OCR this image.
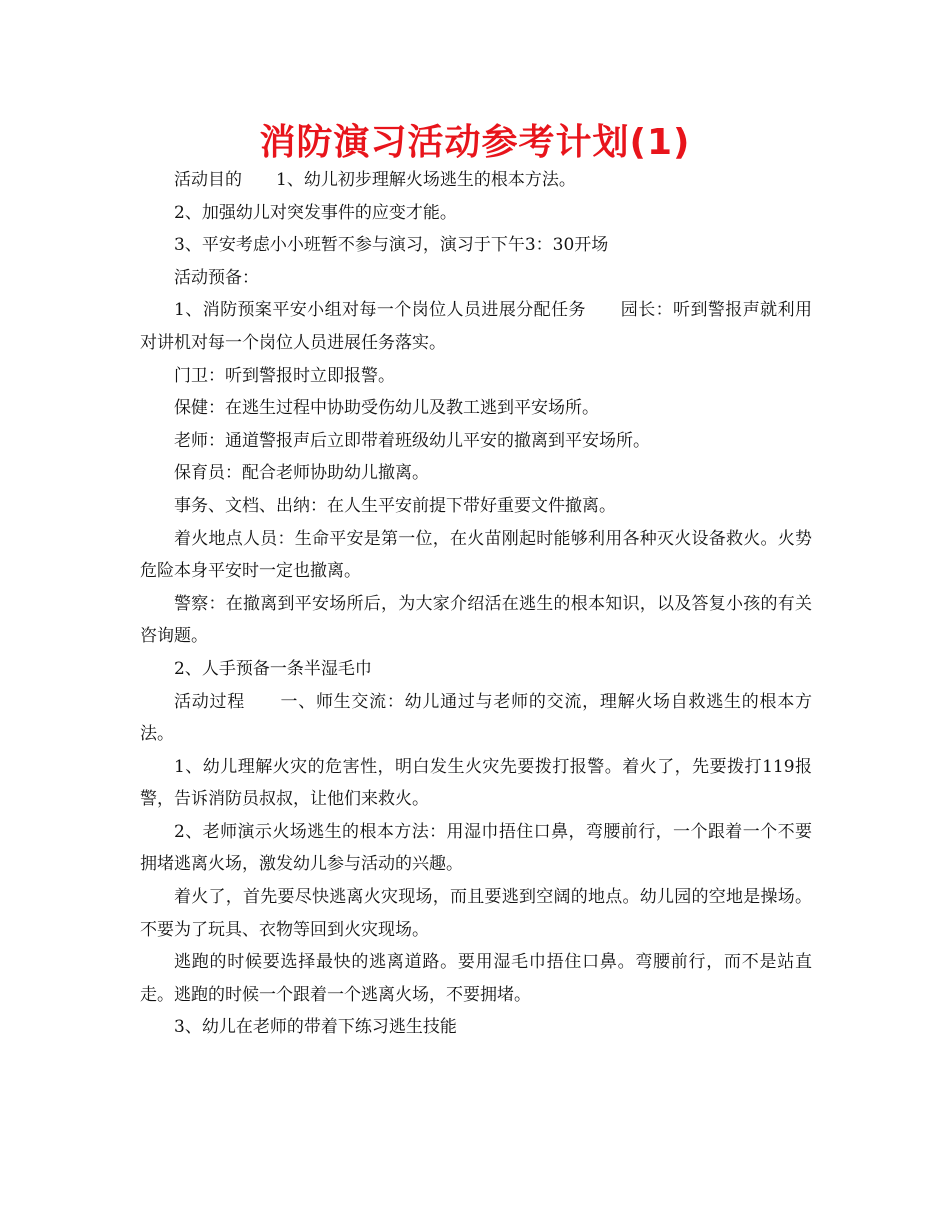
消防演习活动参考计划(1)

活动目的　　1、幼儿初步理解火场逃生的根本方法。

2、加强幼儿对突发事件的应变才能。

3、平安考虑小小班暂不参与演习，演习于下午3：30开场

活动预备：

1、消防预案平安小组对每一个岗位人员进展分配任务　　园长：听到警报声就利用对讲机对每一个岗位人员进展任务落实。

门卫：听到警报时立即报警。

保健：在逃生过程中协助受伤幼儿及教工逃到平安场所。

老师：通道警报声后立即带着班级幼儿平安的撤离到平安场所。

保育员：配合老师协助幼儿撤离。

事务、文档、出纳：在人生平安前提下带好重要文件撤离。

着火地点人员：生命平安是第一位，在火苗刚起时能够利用各种灭火设备救火。火势危险本身平安时一定也撤离。

警察：在撤离到平安场所后，为大家介绍活在逃生的根本知识，以及答复小孩的有关咨询题。

2、人手预备一条半湿毛巾

活动过程　　一、师生交流：幼儿通过与老师的交流，理解火场自救逃生的根本方法。

1、幼儿理解火灾的危害性，明白发生火灾先要拨打报警。着火了，先要拨打119报警，告诉消防员叔叔，让他们来救火。

2、老师演示火场逃生的根本方法：用湿巾捂住口鼻，弯腰前行，一个跟着一个不要拥堵逃离火场，激发幼儿参与活动的兴趣。

着火了，首先要尽快逃离火灾现场，而且要逃到空阔的地点。幼儿园的空地是操场。不要为了玩具、衣物等回到火灾现场。

逃跑的时候要选择最快的逃离道路。要用湿毛巾捂住口鼻。弯腰前行，而不是站直走。逃跑的时候一个跟着一个逃离火场，不要拥堵。

3、幼儿在老师的带着下练习逃生技能
